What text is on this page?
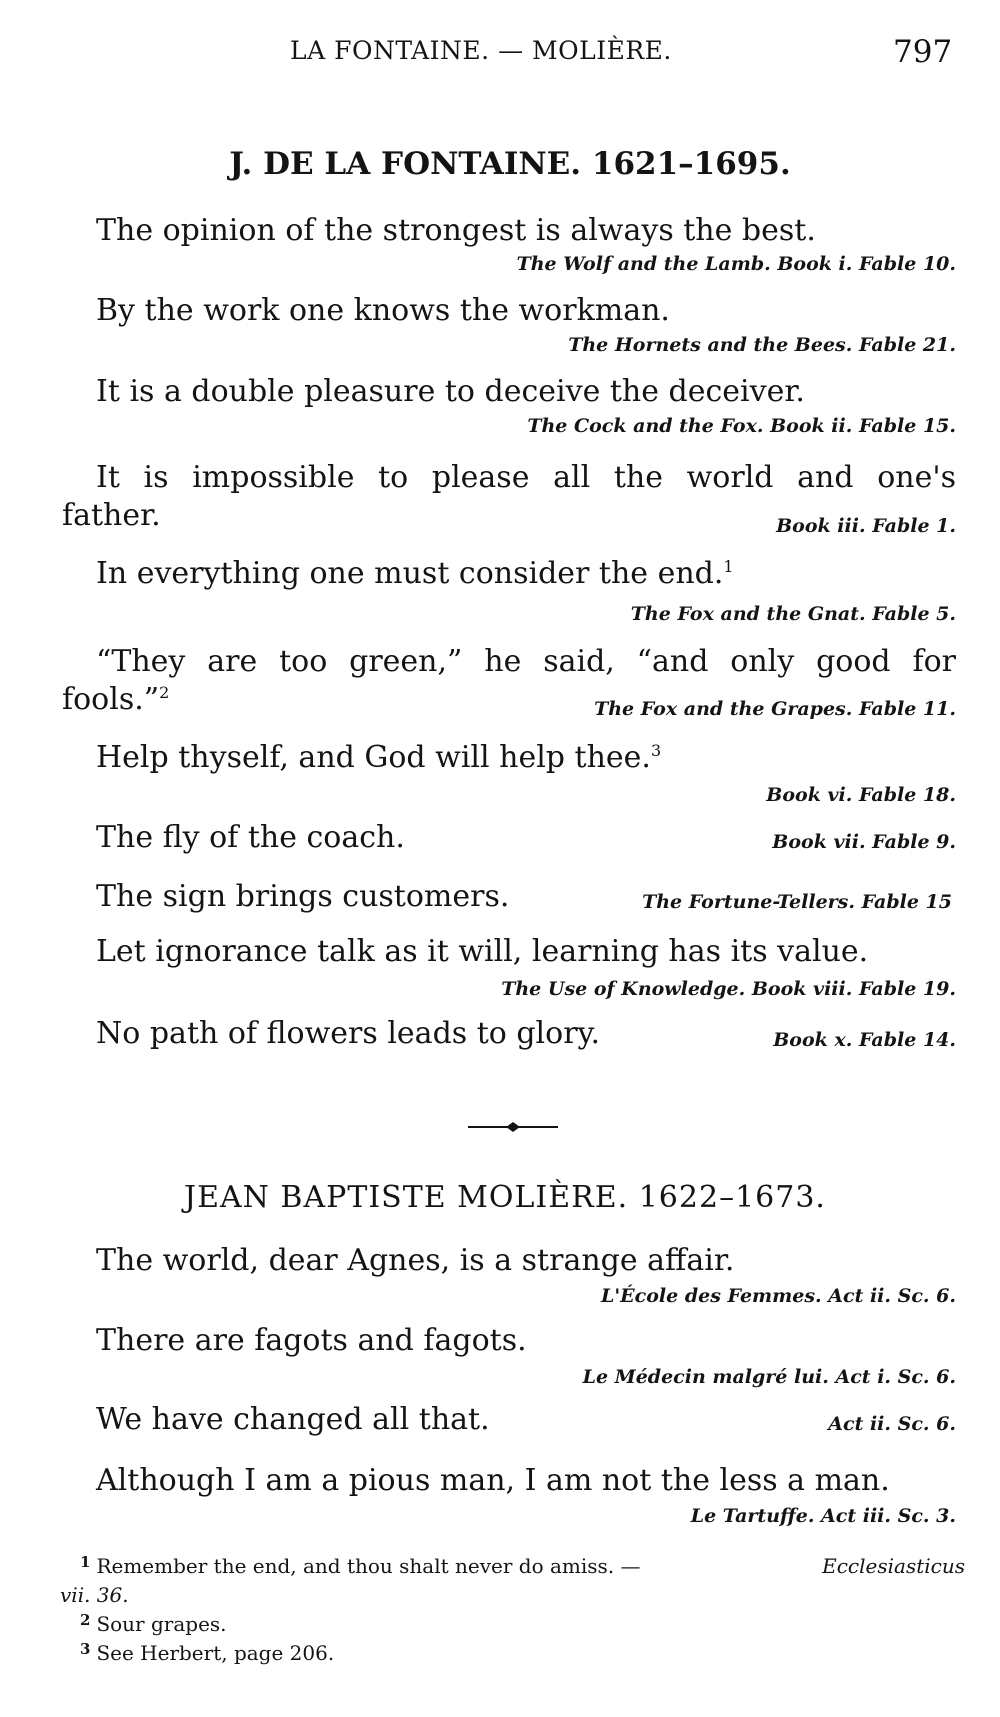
LA FONTAINE. — MOLIÈRE.	797
J. DE LA FONTAINE. 1621–1695.
The opinion of the strongest is always the best.
The Wolf and the Lamb. Book i. Fable 10.
By the work one knows the workman.
The Hornets and the Bees. Fable 21.
It is a double pleasure to deceive the deceiver.
The Cock and the Fox. Book ii. Fable 15.
It is impossible to please all the world and one's
father.	Book iii. Fable 1.
In everything one must consider the end.$^1$
The Fox and the Gnat. Fable 5.
“They are too green,” he said, “and only good for
fools.”$^2$
The Fox and the Grapes. Fable 11.
Help thyself, and God will help thee.$^3$
Book vi. Fable 18.
The fly of the coach.	Book vii. Fable 9.
The sign brings customers.	The Fortune-Tellers. Fable 15
Let ignorance talk as it will, learning has its value.
The Use of Knowledge. Book viii. Fable 19.
No path of flowers leads to glory.	Book x. Fable 14.
JEAN BAPTISTE MOLIÈRE. 1622–1673.
The world, dear Agnes, is a strange affair.
L'École des Femmes. Act ii. Sc. 6.
There are fagots and fagots.
Le Médecin malgré lui. Act i. Sc. 6.
We have changed all that.	Act ii. Sc. 6.
Although I am a pious man, I am not the less a man.
Le Tartuffe. Act iii. Sc. 3.
$^1$ Remember the end, and thou shalt never do amiss. —	Ecclesiasticus
vii. 36.
$^2$ Sour grapes.
$^3$ See Herbert, page 206.
